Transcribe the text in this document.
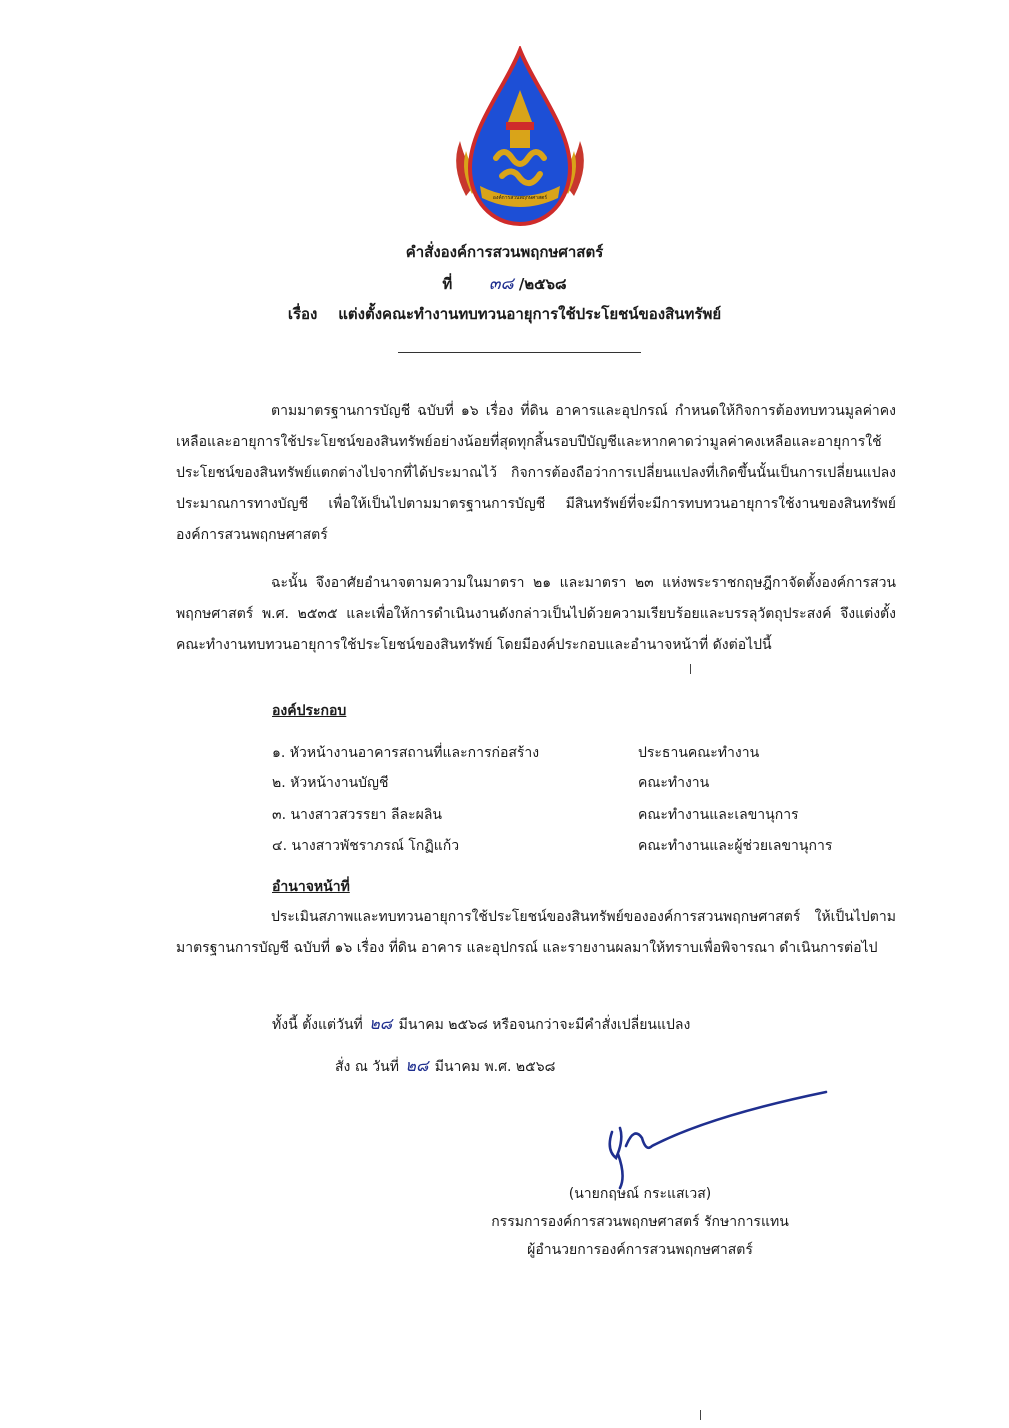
องค์การสวนพฤกษศาสตร์
คำสั่งองค์การสวนพฤกษศาสตร์
ที่ ๓๘ /๒๕๖๘
เรื่อง แต่งตั้งคณะทำงานทบทวนอายุการใช้ประโยชน์ของสินทรัพย์
ตามมาตรฐานการบัญชี ฉบับที่ ๑๖ เรื่อง ที่ดิน อาคารและอุปกรณ์ กำหนดให้กิจการต้องทบทวนมูลค่าคงเหลือและอายุการใช้ประโยชน์ของสินทรัพย์อย่างน้อยที่สุดทุกสิ้นรอบปีบัญชีและหากคาดว่ามูลค่าคงเหลือและอายุการใช้ประโยชน์ของสินทรัพย์แตกต่างไปจากที่ได้ประมาณไว้ กิจการต้องถือว่าการเปลี่ยนแปลงที่เกิดขึ้นนั้นเป็นการเปลี่ยนแปลงประมาณการทางบัญชี เพื่อให้เป็นไปตามมาตรฐานการบัญชี มีสินทรัพย์ที่จะมีการทบทวนอายุการใช้งานของสินทรัพย์องค์การสวนพฤกษศาสตร์
ฉะนั้น จึงอาศัยอำนาจตามความในมาตรา ๒๑ และมาตรา ๒๓ แห่งพระราชกฤษฎีกาจัดตั้งองค์การสวนพฤกษศาสตร์ พ.ศ. ๒๕๓๕ และเพื่อให้การดำเนินงานดังกล่าวเป็นไปด้วยความเรียบร้อยและบรรลุวัตถุประสงค์ จึงแต่งตั้งคณะทำงานทบทวนอายุการใช้ประโยชน์ของสินทรัพย์ โดยมีองค์ประกอบและอำนาจหน้าที่ ดังต่อไปนี้
องค์ประกอบ
๑. หัวหน้างานอาคารสถานที่และการก่อสร้าง	ประธานคณะทำงาน
๒. หัวหน้างานบัญชี	คณะทำงาน
๓. นางสาวสวรรยา ลีละผลิน	คณะทำงานและเลขานุการ
๔. นางสาวพัชราภรณ์ โกฏิแก้ว	คณะทำงานและผู้ช่วยเลขานุการ
อำนาจหน้าที่
ประเมินสภาพและทบทวนอายุการใช้ประโยชน์ของสินทรัพย์ขององค์การสวนพฤกษศาสตร์ ให้เป็นไปตามมาตรฐานการบัญชี ฉบับที่ ๑๖ เรื่อง ที่ดิน อาคาร และอุปกรณ์ และรายงานผลมาให้ทราบเพื่อพิจารณา ดำเนินการต่อไป
ทั้งนี้ ตั้งแต่วันที่ ๒๘ มีนาคม ๒๕๖๘ หรือจนกว่าจะมีคำสั่งเปลี่ยนแปลง
สั่ง ณ วันที่ ๒๘ มีนาคม พ.ศ. ๒๕๖๘
(นายกฤษณ์ กระแสเวส)
กรรมการองค์การสวนพฤกษศาสตร์ รักษาการแทน
ผู้อำนวยการองค์การสวนพฤกษศาสตร์
